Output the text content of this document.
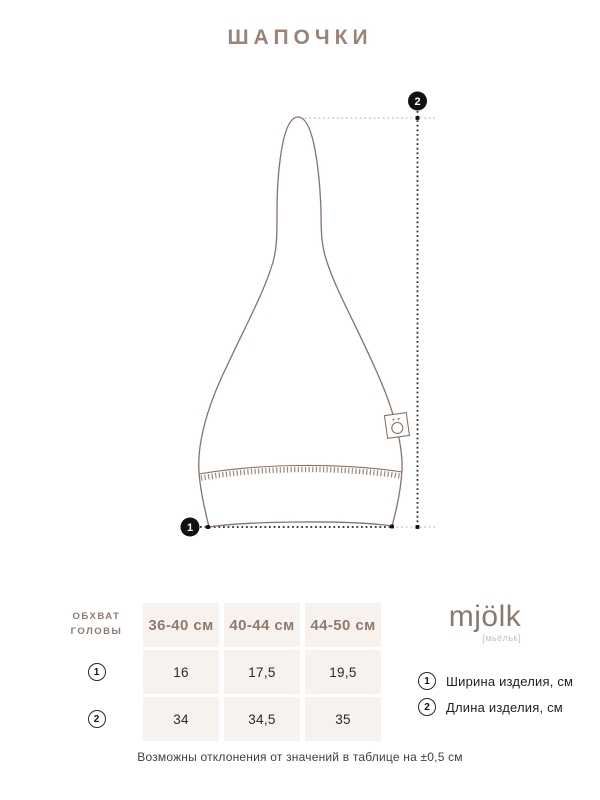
ШАПОЧКИ
2
1
ОБХВАТ ГОЛОВЫ	36-40 см	40-44 см	44-50 см
1	16	17,5	19,5
2	34	34,5	35
mjölk
[мьёльк]
1	Ширина изделия, см
2	Длина изделия, см
Возможны отклонения от значений в таблице на ±0,5 см
